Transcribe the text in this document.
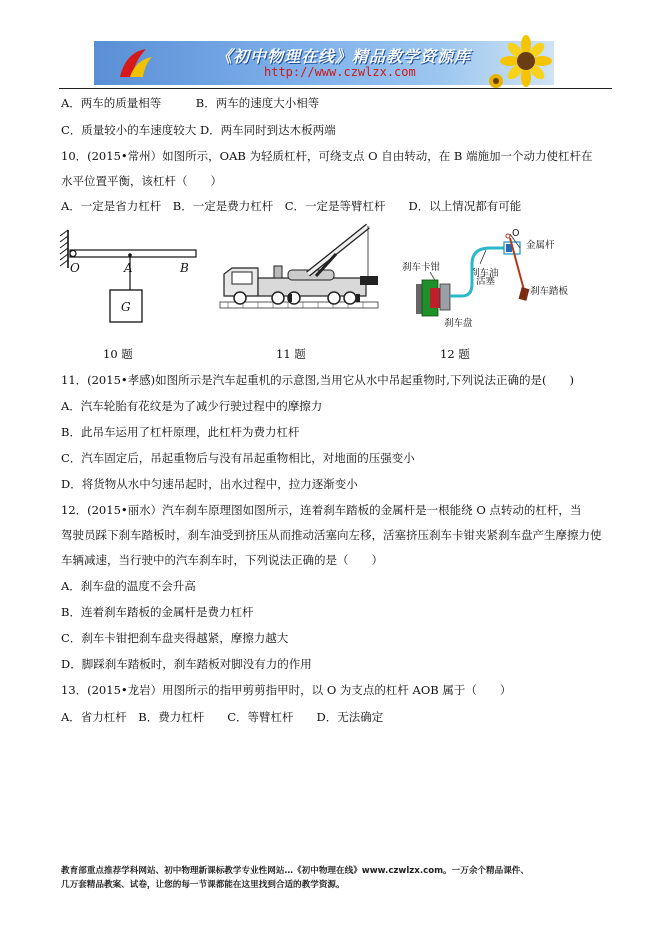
《初中物理在线》精品教学资源库
http://www.czwlzx.com
A．两车的质量相等　　　B．两车的速度大小相等
C．质量较小的车速度较大 D．两车同时到达木板两端
10．(2015•常州）如图所示，OAB 为轻质杠杆，可绕支点 O 自由转动，在 B 端施加一个动力使杠杆在
水平位置平衡，该杠杆（　　）
A．一定是省力杠杆　B．一定是费力杠杆　C．一定是等臂杠杆　　D．以上情况都有可能
O	A	B
G
刹车卡钳
刹车油
活塞
刹车盘
O
金属杆
刹车踏板
10 题	11 题	12 题
11．(2015•孝感)如图所示是汽车起重机的示意图,当用它从水中吊起重物时,下列说法正确的是(　　)
A．汽车轮胎有花纹是为了减少行驶过程中的摩擦力
B．此吊车运用了杠杆原理，此杠杆为费力杠杆
C．汽车固定后，吊起重物后与没有吊起重物相比，对地面的压强变小
D．将货物从水中匀速吊起时，出水过程中，拉力逐渐变小
12．(2015•丽水）汽车刹车原理图如图所示，连着刹车踏板的金属杆是一根能绕 O 点转动的杠杆，当
驾驶员踩下刹车踏板时，刹车油受到挤压从而推动活塞向左移，活塞挤压刹车卡钳夹紧刹车盘产生摩擦力使
车辆减速，当行驶中的汽车刹车时，下列说法正确的是（　　）
A．刹车盘的温度不会升高
B．连着刹车踏板的金属杆是费力杠杆
C．刹车卡钳把刹车盘夹得越紧，摩擦力越大
D．脚踩刹车踏板时，刹车踏板对脚没有力的作用
13．(2015•龙岩）用图所示的指甲剪剪指甲时，以 O 为支点的杠杆 AOB 属于（　　）
A．省力杠杆　B．费力杠杆　　C．等臂杠杆　　D．无法确定
教育部重点推荐学科网站、初中物理新课标教学专业性网站…《初中物理在线》www.czwlzx.com。一万余个精品课件、
几万套精品教案、试卷，让您的每一节课都能在这里找到合适的教学资源。
